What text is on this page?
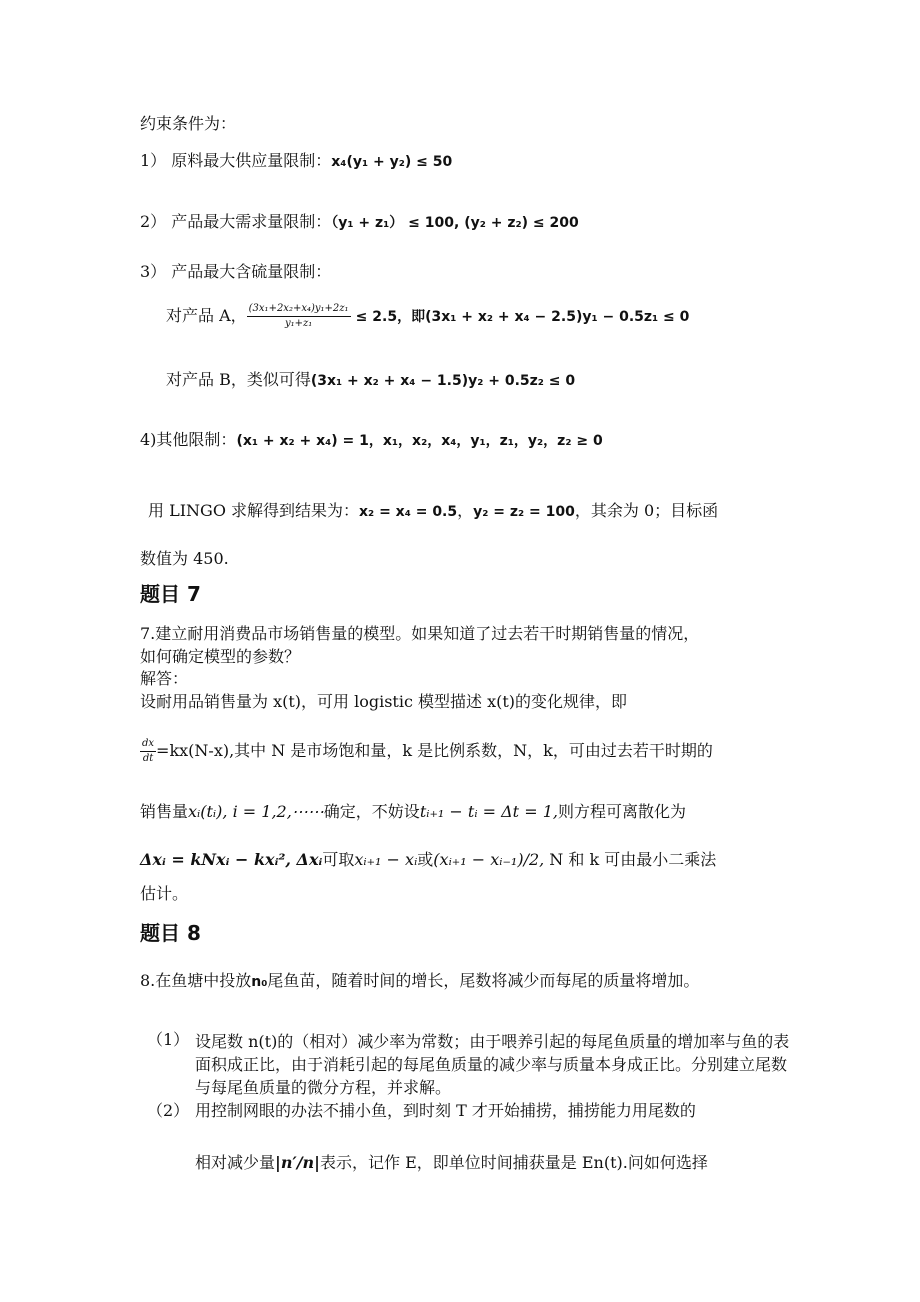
约束条件为：
1） 原料最大供应量限制：x₄(y₁ + y₂) ≤ 50
2） 产品最大需求量限制：（y₁ + z₁） ≤ 100, (y₂ + z₂) ≤ 200
3） 产品最大含硫量限制：
对产品 A， $\frac{\text{(3x₁+2x₂+x₄)y₁+2z₁}}{\text{y₁+z₁}} \le 2.5$，即(3x₁ + x₂ + x₄ − 2.5)y₁ − 0.5z₁ ≤ 0
对产品 B，类似可得(3x₁ + x₂ + x₄ − 1.5)y₂ + 0.5z₂ ≤ 0
4)其他限制：(x₁ + x₂ + x₄) = 1，x₁，x₂，x₄，y₁，z₁，y₂，z₂ ≥ 0
用 LINGO 求解得到结果为：x₂ = x₄ = 0.5，y₂ = z₂ = 100，其余为 0；目标函
数值为 450.
题目 7
7.建立耐用消费品市场销售量的模型。如果知道了过去若干时期销售量的情况，
如何确定模型的参数？
解答：
设耐用品销售量为 x(t)，可用 logistic 模型描述 x(t)的变化规律，即
$\frac{dx}{dt} =kx(N-x)$,其中 N 是市场饱和量，k 是比例系数，N，k，可由过去若干时期的
销售量xᵢ(tᵢ), i = 1,2,⋯⋯确定，不妨设tᵢ₊₁ − tᵢ = Δt = 1,则方程可离散化为
Δxᵢ = kNxᵢ − kxᵢ², Δxᵢ可取xᵢ₊₁ − xᵢ或(xᵢ₊₁ − xᵢ₋₁)/2, N 和 k 可由最小二乘法
估计。
题目 8
8.在鱼塘中投放n₀尾鱼苗，随着时间的增长，尾数将减少而每尾的质量将增加。
（1） 设尾数 n(t)的（相对）减少率为常数；由于喂养引起的每尾鱼质量的增加率与鱼的表面积成正比，由于消耗引起的每尾鱼质量的减少率与质量本身成正比。分别建立尾数与每尾鱼质量的微分方程，并求解。
（2） 用控制网眼的办法不捕小鱼，到时刻 T 才开始捕捞，捕捞能力用尾数的
相对减少量|n′/n|表示，记作 E，即单位时间捕获量是 En(t).问如何选择
